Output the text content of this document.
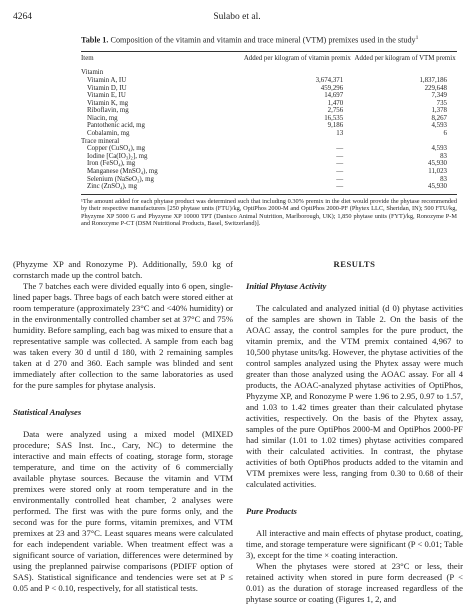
4264	Sulabo et al.
Table 1. Composition of the vitamin and vitamin and trace mineral (VTM) premixes used in the study$^1$
Item	Added per kilogram of vitamin premix	Added per kilogram of VTM premix
Vitamin		
Vitamin A, IU	3,674,371	1,837,186
Vitamin D, IU	459,296	229,648
Vitamin E, IU	14,697	7,349
Vitamin K, mg	1,470	735
Riboflavin, mg	2,756	1,378
Niacin, mg	16,535	8,267
Pantothenic acid, mg	9,186	4,593
Cobalamin, mg	13	6
Trace mineral		
Copper (CuSO₄), mg	—	4,593
Iodine [Ca(IO₃)₂], mg	—	83
Iron (FeSO₄), mg	—	45,930
Manganese (MnSO₄), mg	—	11,023
Selenium (NaSeO₃), mg	—	83
Zinc (ZnSO₄), mg	—	45,930
¹The amount added for each phytase product was determined such that including 0.30% premix in the diet would provide the phytase recommended by their respective manufacturers [250 phytase units (FTU)/kg, OptiPhos 2000-M and OptiPhos 2000-PF (Phytex LLC, Sheridan, IN); 500 FTU/kg, Phyzyme XP 5000 G and Phyzyme XP 10000 TPT (Danisco Animal Nutrition, Marlborough, UK); 1,850 phytase units (FYT)/kg, Ronozyme P-M and Ronozyme P-CT (DSM Nutritional Products, Basel, Switzerland)].

(Phyzyme XP and Ronozyme P). Additionally, 59.0 kg of cornstarch made up the control batch.

The 7 batches each were divided equally into 6 open, single-lined paper bags. Three bags of each batch were stored either at room temperature (approximately 23°C and <40% humidity) or in the environmentally controlled chamber set at 37°C and 75% humidity. Before sampling, each bag was mixed to ensure that a representative sample was collected. A sample from each bag was taken every 30 d until d 180, with 2 remaining samples taken at d 270 and 360. Each sample was blinded and sent immediately after collection to the same laboratories as used for the pure samples for phytase analysis.

Statistical Analyses

Data were analyzed using a mixed model (MIXED procedure; SAS Inst. Inc., Cary, NC) to determine the interactive and main effects of coating, storage form, storage temperature, and time on the activity of 6 commercially available phytase sources. Because the vitamin and VTM premixes were stored only at room temperature and in the environmentally controlled heat chamber, 2 analyses were performed. The first was with the pure forms only, and the second was for the pure forms, vitamin premixes, and VTM premixes at 23 and 37°C. Least squares means were calculated for each independent variable. When treatment effect was a significant source of variation, differences were determined by using the preplanned pairwise comparisons (PDIFF option of SAS). Statistical significance and tendencies were set at P ≤ 0.05 and P < 0.10, respectively, for all statistical tests.

RESULTS

Initial Phytase Activity

The calculated and analyzed initial (d 0) phytase activities of the samples are shown in Table 2. On the basis of the AOAC assay, the control samples for the pure product, the vitamin premix, and the VTM premix contained 4,967 to 10,500 phytase units/kg. However, the phytase activities of the control samples analyzed using the Phytex assay were much greater than those analyzed using the AOAC assay. For all 4 products, the AOAC-analyzed phytase activities of OptiPhos, Phyzyme XP, and Ronozyme P were 1.96 to 2.95, 0.97 to 1.57, and 1.03 to 1.42 times greater than their calculated phytase activities, respectively. On the basis of the Phytex assay, samples of the pure OptiPhos 2000-M and OptiPhos 2000-PF had similar (1.01 to 1.02 times) phytase activities compared with their calculated activities. In contrast, the phytase activities of both OptiPhos products added to the vitamin and VTM premixes were less, ranging from 0.30 to 0.68 of their calculated activities.

Pure Products

All interactive and main effects of phytase product, coating, time, and storage temperature were significant (P < 0.01; Table 3), except for the time × coating interaction.

When the phytases were stored at 23°C or less, their retained activity when stored in pure form decreased (P < 0.01) as the duration of storage increased regardless of the phytase source or coating (Figures 1, 2, and
